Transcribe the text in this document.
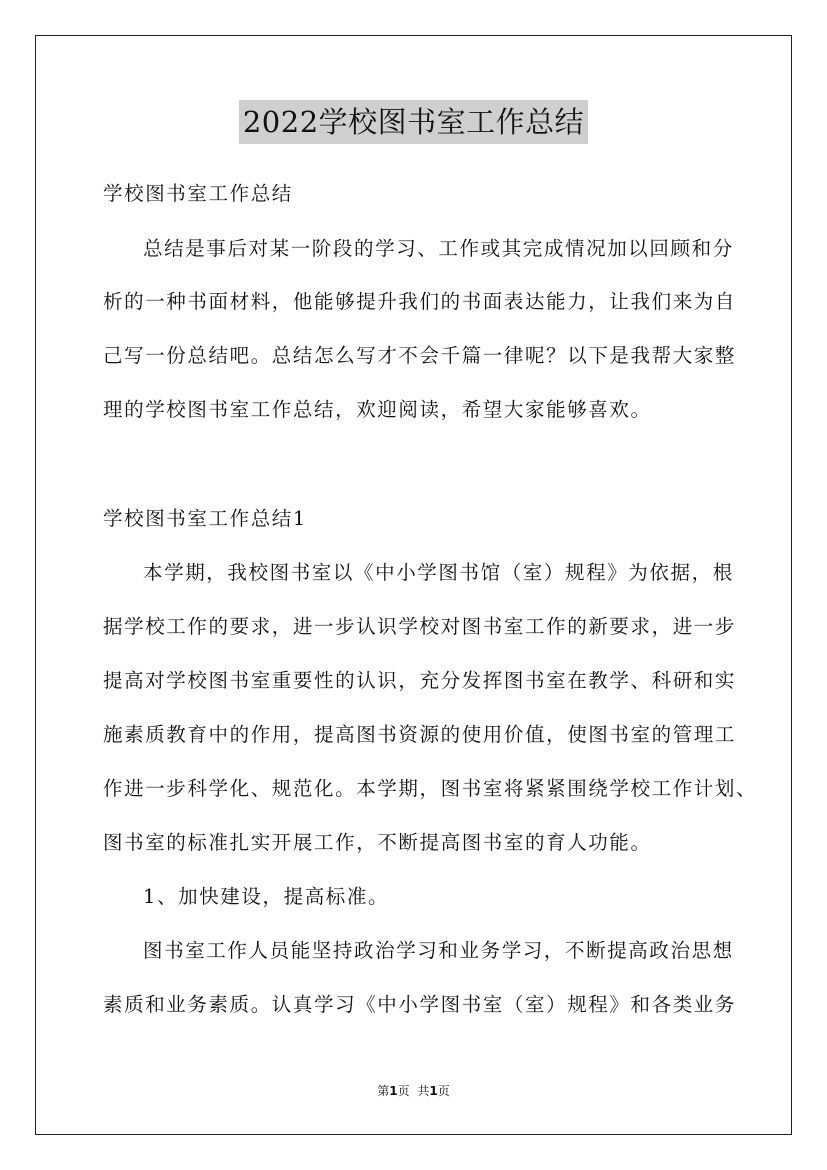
2022学校图书室工作总结
学校图书室工作总结
总结是事后对某一阶段的学习、工作或其完成情况加以回顾和分
析的一种书面材料，他能够提升我们的书面表达能力，让我们来为自
己写一份总结吧。总结怎么写才不会千篇一律呢？以下是我帮大家整
理的学校图书室工作总结，欢迎阅读，希望大家能够喜欢。
学校图书室工作总结1
本学期，我校图书室以《中小学图书馆（室）规程》为依据，根
据学校工作的要求，进一步认识学校对图书室工作的新要求，进一步
提高对学校图书室重要性的认识，充分发挥图书室在教学、科研和实
施素质教育中的作用，提高图书资源的使用价值，使图书室的管理工
作进一步科学化、规范化。本学期，图书室将紧紧围绕学校工作计划、
图书室的标准扎实开展工作，不断提高图书室的育人功能。
1、加快建设，提高标准。
图书室工作人员能坚持政治学习和业务学习，不断提高政治思想
素质和业务素质。认真学习《中小学图书室（室）规程》和各类业务
第1页 共1页
